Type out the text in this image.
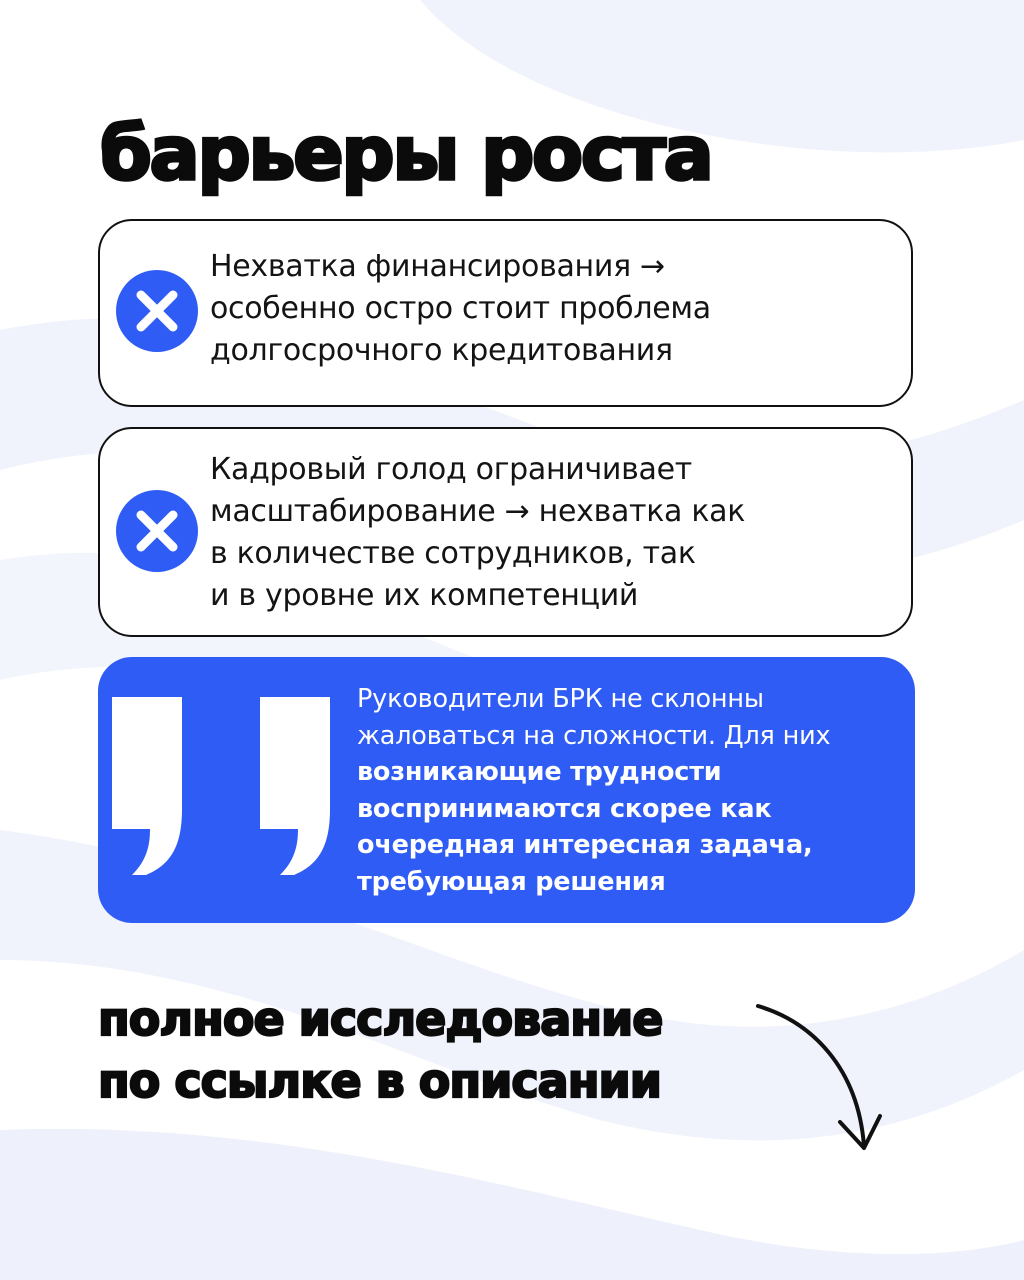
барьеры роста
Нехватка финансирования →
особенно остро стоит проблема
долгосрочного кредитования
Кадровый голод ограничивает
масштабирование → нехватка как
в количестве сотрудников, так
и в уровне их компетенций
Руководители БРК не склонны
жаловаться на сложности. Для них
возникающие трудности
воспринимаются скорее как
очередная интересная задача,
требующая решения
полное исследование
по ссылке в описании
